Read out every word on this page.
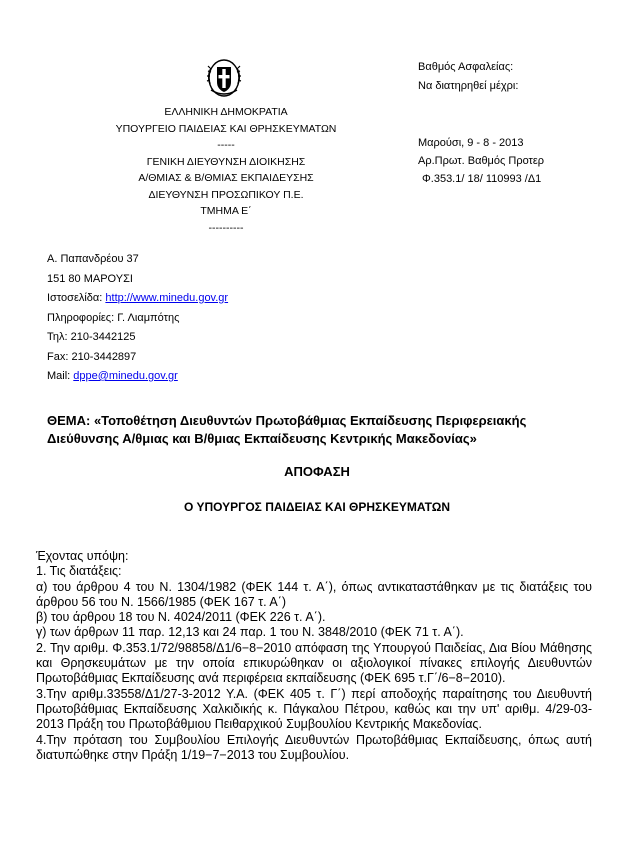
ΕΛΛΗΝΙΚΗ ΔΗΜΟΚΡΑΤΙΑ
ΥΠΟΥΡΓΕΙΟ ΠΑΙΔΕΙΑΣ ΚΑΙ ΘΡΗΣΚΕΥΜΑΤΩΝ
-----
ΓΕΝΙΚΗ ΔΙΕΥΘΥΝΣΗ ΔΙΟΙΚΗΣΗΣ
Α/ΘΜΙΑΣ & Β/ΘΜΙΑΣ ΕΚΠΑΙΔΕΥΣΗΣ
ΔΙΕΥΘΥΝΣΗ ΠΡΟΣΩΠΙΚΟΥ Π.Ε.
ΤΜΗΜΑ Ε΄
----------
Βαθμός Ασφαλείας:
Να διατηρηθεί μέχρι:
Μαρούσι, 9 - 8 - 2013
Αρ.Πρωτ. Βαθμός Προτερ
Φ.353.1/ 18/ 110993 /Δ1
Α. Παπανδρέου 37
151 80 ΜΑΡΟΥΣΙ
Ιστοσελίδα: http://www.minedu.gov.gr
Πληροφορίες: Γ. Λιαμπότης
Τηλ: 210-3442125
Fax: 210-3442897
Mail: dppe@minedu.gov.gr
ΘΕΜΑ: «Τοποθέτηση Διευθυντών Πρωτοβάθμιας Εκπαίδευσης Περιφερειακής Διεύθυνσης Α/θμιας και Β/θμιας Εκπαίδευσης Κεντρικής Μακεδονίας»
ΑΠΟΦΑΣΗ
Ο ΥΠΟΥΡΓΟΣ ΠΑΙΔΕΙΑΣ ΚΑΙ ΘΡΗΣΚΕΥΜΑΤΩΝ

Έχοντας υπόψη:

1. Τις διατάξεις:

α) του άρθρου 4 του Ν. 1304/1982 (ΦΕΚ 144 τ. Α΄), όπως αντικαταστάθηκαν με τις διατάξεις του άρθρου 56 του Ν. 1566/1985 (ΦΕΚ 167 τ. Α΄)

β) του άρθρου 18 του Ν. 4024/2011 (ΦΕΚ 226 τ. Α΄).

γ) των άρθρων 11 παρ. 12,13 και 24 παρ. 1 του Ν. 3848/2010 (ΦΕΚ 71 τ. Α΄).

2. Την αριθμ. Φ.353.1/72/98858/Δ1/6−8−2010 απόφαση της Υπουργού Παιδείας, Δια Βίου Μάθησης και Θρησκευμάτων με την οποία επικυρώθηκαν οι αξιολογικοί πίνακες επιλογής Διευθυντών Πρωτοβάθμιας Εκπαίδευσης ανά περιφέρεια εκπαίδευσης (ΦΕΚ 695 τ.Γ΄/6−8−2010).

3.Την αριθμ.33558/Δ1/27-3-2012 Υ.Α. (ΦΕΚ 405 τ. Γ΄) περί αποδοχής παραίτησης του Διευθυντή Πρωτοβάθμιας Εκπαίδευσης Χαλκιδικής κ. Πάγκαλου Πέτρου, καθώς και την υπ' αριθμ. 4/29-03-2013 Πράξη του Πρωτοβάθμιου Πειθαρχικού Συμβουλίου Κεντρικής Μακεδονίας.

4.Την πρόταση του Συμβουλίου Επιλογής Διευθυντών Πρωτοβάθμιας Εκπαίδευσης, όπως αυτή διατυπώθηκε στην Πράξη 1/19−7−2013 του Συμβουλίου.
